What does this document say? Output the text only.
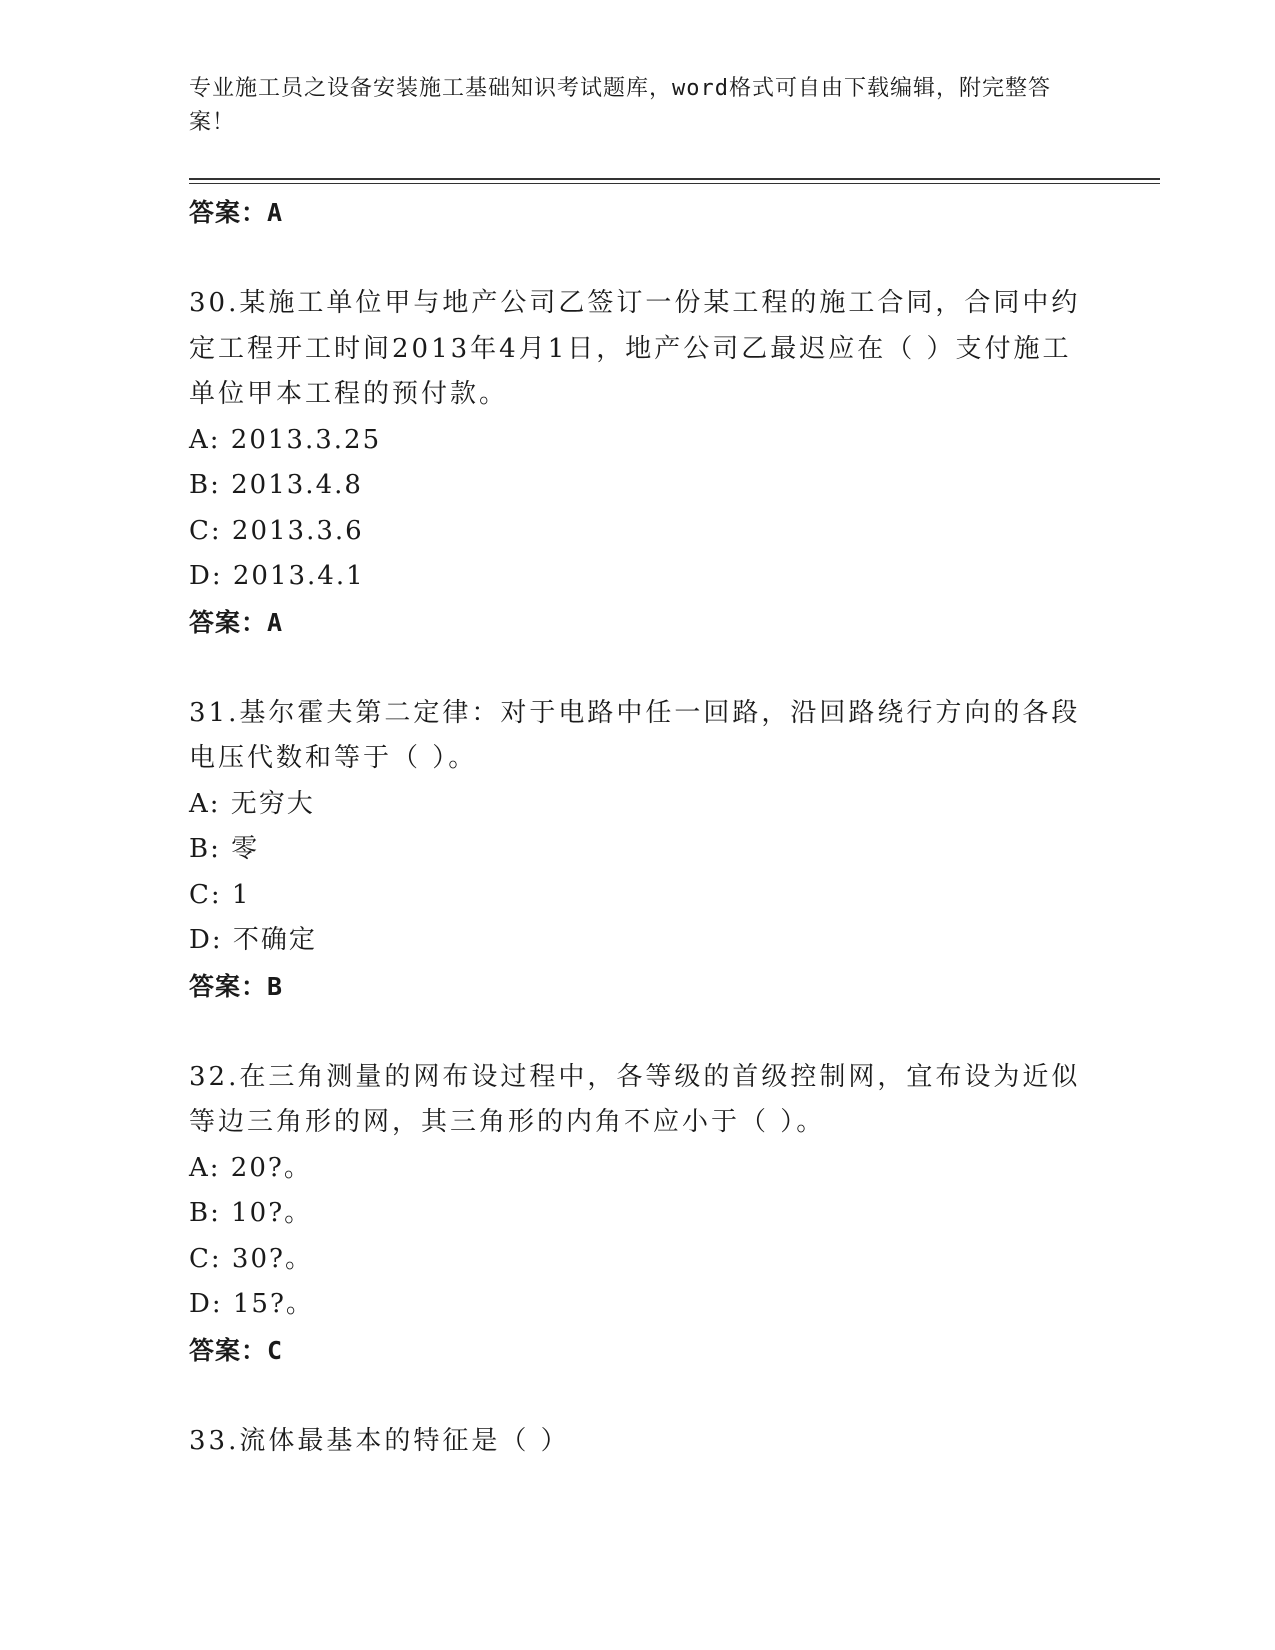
专业施工员之设备安装施工基础知识考试题库，word格式可自由下载编辑，附完整答案！
答案：A
30.某施工单位甲与地产公司乙签订一份某工程的施工合同，合同中约定工程开工时间2013年4月1日，地产公司乙最迟应在（ ）支付施工单位甲本工程的预付款。
A: 2013.3.25
B: 2013.4.8
C: 2013.3.6
D: 2013.4.1
答案：A
31.基尔霍夫第二定律：对于电路中任一回路，沿回路绕行方向的各段电压代数和等于（ ）。
A: 无穷大
B: 零
C: 1
D: 不确定
答案：B
32.在三角测量的网布设过程中，各等级的首级控制网，宜布设为近似等边三角形的网，其三角形的内角不应小于（ ）。
A: 20?。
B: 10?。
C: 30?。
D: 15?。
答案：C
33.流体最基本的特征是（ ）
